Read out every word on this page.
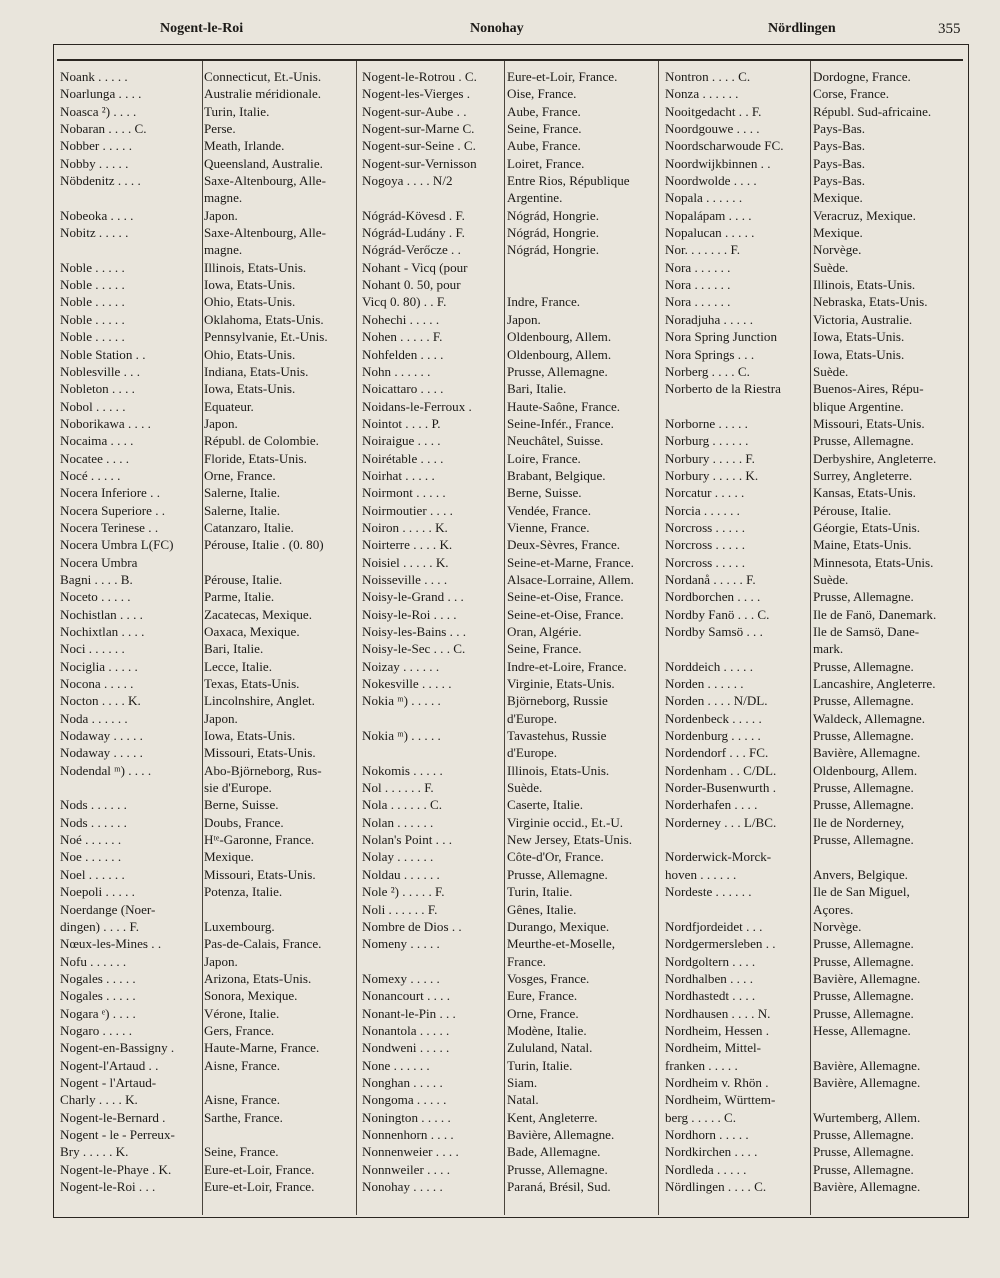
Nogent-le-Roi	Nonohay	Nördlingen	355
Noank . . . . .	Connecticut, Et.-Unis.
Noarlunga . . . .	Australie méridionale.
Noasca ²) . . . .	Turin, Italie.
Nobaran . . . . C.	Perse.
Nobber . . . . .	Meath, Irlande.
Nobby . . . . .	Queensland, Australie.
Nöbdenitz . . . .	Saxe-Altenbourg, Alle-
magne.
Nobeoka . . . .	Japon.
Nobitz . . . . .	Saxe-Altenbourg, Alle-
magne.
Noble . . . . .	Illinois, Etats-Unis.
Noble . . . . .	Iowa, Etats-Unis.
Noble . . . . .	Ohio, Etats-Unis.
Noble . . . . .	Oklahoma, Etats-Unis.
Noble . . . . .	Pennsylvanie, Et.-Unis.
Noble Station . .	Ohio, Etats-Unis.
Noblesville . . .	Indiana, Etats-Unis.
Nobleton . . . .	Iowa, Etats-Unis.
Nobol . . . . .	Equateur.
Noborikawa . . . .	Japon.
Nocaima . . . .	Républ. de Colombie.
Nocatee . . . .	Floride, Etats-Unis.
Nocé . . . . .	Orne, France.
Nocera Inferiore . .	Salerne, Italie.
Nocera Superiore . .	Salerne, Italie.
Nocera Terinese . .	Catanzaro, Italie.
Nocera Umbra L(FC)	Pérouse, Italie . (0. 80)
Nocera Umbra
Bagni . . . . B.	Pérouse, Italie.
Noceto . . . . .	Parme, Italie.
Nochistlan . . . .	Zacatecas, Mexique.
Nochixtlan . . . .	Oaxaca, Mexique.
Noci . . . . . .	Bari, Italie.
Nociglia . . . . .	Lecce, Italie.
Nocona . . . . .	Texas, Etats-Unis.
Nocton . . . . K.	Lincolnshire, Anglet.
Noda . . . . . .	Japon.
Nodaway . . . . .	Iowa, Etats-Unis.
Nodaway . . . . .	Missouri, Etats-Unis.
Nodendal ᵐ) . . . .	Abo-Björneborg, Rus-
sie d'Europe.
Nods . . . . . .	Berne, Suisse.
Nods . . . . . .	Doubs, France.
Noé . . . . . .	Hᵗᵉ-Garonne, France.
Noe . . . . . .	Mexique.
Noel . . . . . .	Missouri, Etats-Unis.
Noepoli . . . . .	Potenza, Italie.
Noerdange (Noer-
dingen) . . . . F.	Luxembourg.
Nœux-les-Mines . .	Pas-de-Calais, France.
Nofu . . . . . .	Japon.
Nogales . . . . .	Arizona, Etats-Unis.
Nogales . . . . .	Sonora, Mexique.
Nogara ᵉ) . . . .	Vérone, Italie.
Nogaro . . . . .	Gers, France.
Nogent-en-Bassigny .	Haute-Marne, France.
Nogent-l'Artaud . .	Aisne, France.
Nogent - l'Artaud-
Charly . . . . K.	Aisne, France.
Nogent-le-Bernard .	Sarthe, France.
Nogent - le - Perreux-
Bry . . . . . K.	Seine, France.
Nogent-le-Phaye . K.	Eure-et-Loir, France.
Nogent-le-Roi . . .	Eure-et-Loir, France.
Nogent-le-Rotrou . C.	Eure-et-Loir, France.
Nogent-les-Vierges .	Oise, France.
Nogent-sur-Aube . .	Aube, France.
Nogent-sur-Marne C.	Seine, France.
Nogent-sur-Seine . C.	Aube, France.
Nogent-sur-Vernisson	Loiret, France.
Nogoya . . . . N/2	Entre Rios, République
Argentine.
Nógrád-Kövesd . F.	Nógrád, Hongrie.
Nógrád-Ludány . F.	Nógrád, Hongrie.
Nógrád-Verőcze . .	Nógrád, Hongrie.
Nohant - Vicq (pour
Nohant 0. 50, pour
Vicq 0. 80) . . F.	Indre, France.
Nohechi . . . . .	Japon.
Nohen . . . . . F.	Oldenbourg, Allem.
Nohfelden . . . .	Oldenbourg, Allem.
Nohn . . . . . .	Prusse, Allemagne.
Noicattaro . . . .	Bari, Italie.
Noidans-le-Ferroux .	Haute-Saône, France.
Nointot . . . . P.	Seine-Infér., France.
Noiraigue . . . .	Neuchâtel, Suisse.
Noirétable . . . .	Loire, France.
Noirhat . . . . .	Brabant, Belgique.
Noirmont . . . . .	Berne, Suisse.
Noirmoutier . . . .	Vendée, France.
Noiron . . . . . K.	Vienne, France.
Noirterre . . . . K.	Deux-Sèvres, France.
Noisiel . . . . . K.	Seine-et-Marne, France.
Noisseville . . . .	Alsace-Lorraine, Allem.
Noisy-le-Grand . . .	Seine-et-Oise, France.
Noisy-le-Roi . . . .	Seine-et-Oise, France.
Noisy-les-Bains . . .	Oran, Algérie.
Noisy-le-Sec . . . C.	Seine, France.
Noizay . . . . . .	Indre-et-Loire, France.
Nokesville . . . . .	Virginie, Etats-Unis.
Nokia ᵐ) . . . . .	Björneborg, Russie
d'Europe.
Nokia ᵐ) . . . . .	Tavastehus, Russie
d'Europe.
Nokomis . . . . .	Illinois, Etats-Unis.
Nol . . . . . . F.	Suède.
Nola . . . . . . C.	Caserte, Italie.
Nolan . . . . . .	Virginie occid., Et.-U.
Nolan's Point . . .	New Jersey, Etats-Unis.
Nolay . . . . . .	Côte-d'Or, France.
Noldau . . . . . .	Prusse, Allemagne.
Nole ²) . . . . . F.	Turin, Italie.
Noli . . . . . . F.	Gênes, Italie.
Nombre de Dios . .	Durango, Mexique.
Nomeny . . . . .	Meurthe-et-Moselle,
France.
Nomexy . . . . .	Vosges, France.
Nonancourt . . . .	Eure, France.
Nonant-le-Pin . . .	Orne, France.
Nonantola . . . . .	Modène, Italie.
Nondweni . . . . .	Zululand, Natal.
None . . . . . .	Turin, Italie.
Nonghan . . . . .	Siam.
Nongoma . . . . .	Natal.
Nonington . . . . .	Kent, Angleterre.
Nonnenhorn . . . .	Bavière, Allemagne.
Nonnenweier . . . .	Bade, Allemagne.
Nonnweiler . . . .	Prusse, Allemagne.
Nonohay . . . . .	Paraná, Brésil, Sud.
Nontron . . . . C.	Dordogne, France.
Nonza . . . . . .	Corse, France.
Nooitgedacht . . F.	Républ. Sud-africaine.
Noordgouwe . . . .	Pays-Bas.
Noordscharwoude FC.	Pays-Bas.
Noordwijkbinnen . .	Pays-Bas.
Noordwolde . . . .	Pays-Bas.
Nopala . . . . . .	Mexique.
Nopalápam . . . .	Veracruz, Mexique.
Nopalucan . . . . .	Mexique.
Nor. . . . . . . F.	Norvège.
Nora . . . . . .	Suède.
Nora . . . . . .	Illinois, Etats-Unis.
Nora . . . . . .	Nebraska, Etats-Unis.
Noradjuha . . . . .	Victoria, Australie.
Nora Spring Junction	Iowa, Etats-Unis.
Nora Springs . . .	Iowa, Etats-Unis.
Norberg . . . . C.	Suède.
Norberto de la Riestra	Buenos-Aires, Répu-
blique Argentine.
Norborne . . . . .	Missouri, Etats-Unis.
Norburg . . . . . .	Prusse, Allemagne.
Norbury . . . . . F.	Derbyshire, Angleterre.
Norbury . . . . . K.	Surrey, Angleterre.
Norcatur . . . . .	Kansas, Etats-Unis.
Norcia . . . . . .	Pérouse, Italie.
Norcross . . . . .	Géorgie, Etats-Unis.
Norcross . . . . .	Maine, Etats-Unis.
Norcross . . . . .	Minnesota, Etats-Unis.
Nordanå . . . . . F.	Suède.
Nordborchen . . . .	Prusse, Allemagne.
Nordby Fanö . . . C.	Ile de Fanö, Danemark.
Nordby Samsö . . .	Ile de Samsö, Dane-
mark.
Norddeich . . . . .	Prusse, Allemagne.
Norden . . . . . .	Lancashire, Angleterre.
Norden . . . . N/DL.	Prusse, Allemagne.
Nordenbeck . . . . .	Waldeck, Allemagne.
Nordenburg . . . . .	Prusse, Allemagne.
Nordendorf . . . FC.	Bavière, Allemagne.
Nordenham . . C/DL.	Oldenbourg, Allem.
Norder-Busenwurth .	Prusse, Allemagne.
Norderhafen . . . .	Prusse, Allemagne.
Norderney . . . L/BC.	Ile de Norderney,
Prusse, Allemagne.
Norderwick-Morck-
hoven . . . . . .	Anvers, Belgique.
Nordeste . . . . . .	Ile de San Miguel,
Açores.
Nordfjordeidet . . .	Norvège.
Nordgermersleben . .	Prusse, Allemagne.
Nordgoltern . . . .	Prusse, Allemagne.
Nordhalben . . . .	Bavière, Allemagne.
Nordhastedt . . . .	Prusse, Allemagne.
Nordhausen . . . . N.	Prusse, Allemagne.
Nordheim, Hessen .	Hesse, Allemagne.
Nordheim, Mittel-
franken . . . . .	Bavière, Allemagne.
Nordheim v. Rhön .	Bavière, Allemagne.
Nordheim, Württem-
berg . . . . . C.	Wurtemberg, Allem.
Nordhorn . . . . .	Prusse, Allemagne.
Nordkirchen . . . .	Prusse, Allemagne.
Nordleda . . . . .	Prusse, Allemagne.
Nördlingen . . . . C.	Bavière, Allemagne.
